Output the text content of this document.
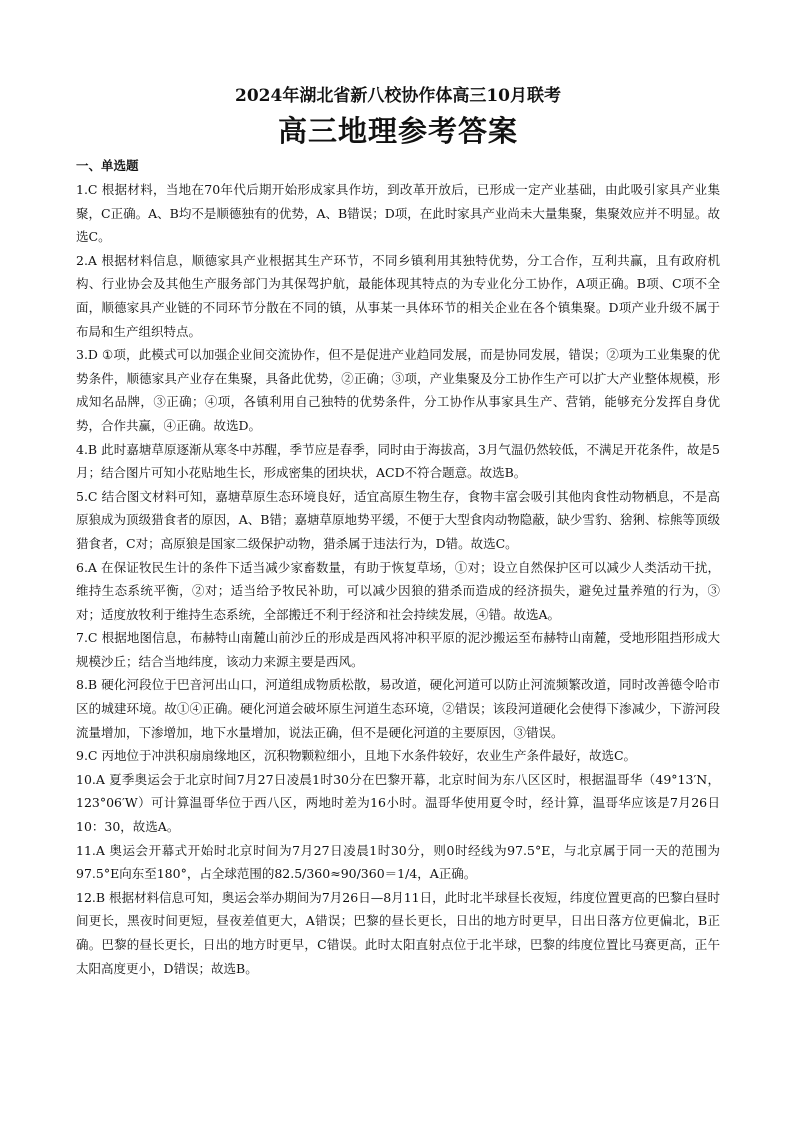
2024年湖北省新八校协作体高三10月联考
高三地理参考答案
一、单选题
1.C 根据材料，当地在70年代后期开始形成家具作坊，到改革开放后，已形成一定产业基础，由此吸引家具产业集聚，C正确。A、B均不是顺德独有的优势，A、B错误；D项，在此时家具产业尚未大量集聚，集聚效应并不明显。故选C。
2.A 根据材料信息，顺德家具产业根据其生产环节，不同乡镇利用其独特优势，分工合作，互利共赢，且有政府机构、行业协会及其他生产服务部门为其保驾护航，最能体现其特点的为专业化分工协作，A项正确。B项、C项不全面，顺德家具产业链的不同环节分散在不同的镇，从事某一具体环节的相关企业在各个镇集聚。D项产业升级不属于布局和生产组织特点。
3.D ①项，此模式可以加强企业间交流协作，但不是促进产业趋同发展，而是协同发展，错误；②项为工业集聚的优势条件，顺德家具产业存在集聚，具备此优势，②正确；③项，产业集聚及分工协作生产可以扩大产业整体规模，形成知名品牌，③正确；④项，各镇利用自己独特的优势条件，分工协作从事家具生产、营销，能够充分发挥自身优势，合作共赢，④正确。故选D。
4.B 此时嘉塘草原逐渐从寒冬中苏醒，季节应是春季，同时由于海拔高，3月气温仍然较低，不满足开花条件，故是5月；结合图片可知小花贴地生长，形成密集的团块状，ACD不符合题意。故选B。
5.C 结合图文材料可知，嘉塘草原生态环境良好，适宜高原生物生存，食物丰富会吸引其他肉食性动物栖息，不是高原狼成为顶级猎食者的原因，A、B错；嘉塘草原地势平缓，不便于大型食肉动物隐蔽，缺少雪豹、猞猁、棕熊等顶级猎食者，C对；高原狼是国家二级保护动物，猎杀属于违法行为，D错。故选C。
6.A 在保证牧民生计的条件下适当减少家畜数量，有助于恢复草场，①对；设立自然保护区可以减少人类活动干扰，维持生态系统平衡，②对；适当给予牧民补助，可以减少因狼的猎杀而造成的经济损失，避免过量养殖的行为，③对；适度放牧利于维持生态系统，全部搬迁不利于经济和社会持续发展，④错。故选A。
7.C 根据地图信息，布赫特山南麓山前沙丘的形成是西风将冲积平原的泥沙搬运至布赫特山南麓，受地形阻挡形成大规模沙丘；结合当地纬度，该动力来源主要是西风。
8.B 硬化河段位于巴音河出山口，河道组成物质松散，易改道，硬化河道可以防止河流频繁改道，同时改善德令哈市区的城建环境。故①④正确。硬化河道会破坏原生河道生态环境，②错误；该段河道硬化会使得下渗减少，下游河段流量增加，下渗增加，地下水量增加，说法正确，但不是硬化河道的主要原因，③错误。
9.C 丙地位于冲洪积扇扇缘地区，沉积物颗粒细小，且地下水条件较好，农业生产条件最好，故选C。
10.A 夏季奥运会于北京时间7月27日凌晨1时30分在巴黎开幕，北京时间为东八区区时，根据温哥华（49°13′N，123°06′W）可计算温哥华位于西八区，两地时差为16小时。温哥华使用夏令时，经计算，温哥华应该是7月26日10：30，故选A。
11.A 奥运会开幕式开始时北京时间为7月27日凌晨1时30分，则0时经线为97.5°E，与北京属于同一天的范围为97.5°E向东至180°，占全球范围的82.5/360≈90/360＝1/4，A正确。
12.B 根据材料信息可知，奥运会举办期间为7月26日—8月11日，此时北半球昼长夜短，纬度位置更高的巴黎白昼时间更长，黑夜时间更短，昼夜差值更大，A错误；巴黎的昼长更长，日出的地方时更早，日出日落方位更偏北，B正确。巴黎的昼长更长，日出的地方时更早，C错误。此时太阳直射点位于北半球，巴黎的纬度位置比马赛更高，正午太阳高度更小，D错误；故选B。
